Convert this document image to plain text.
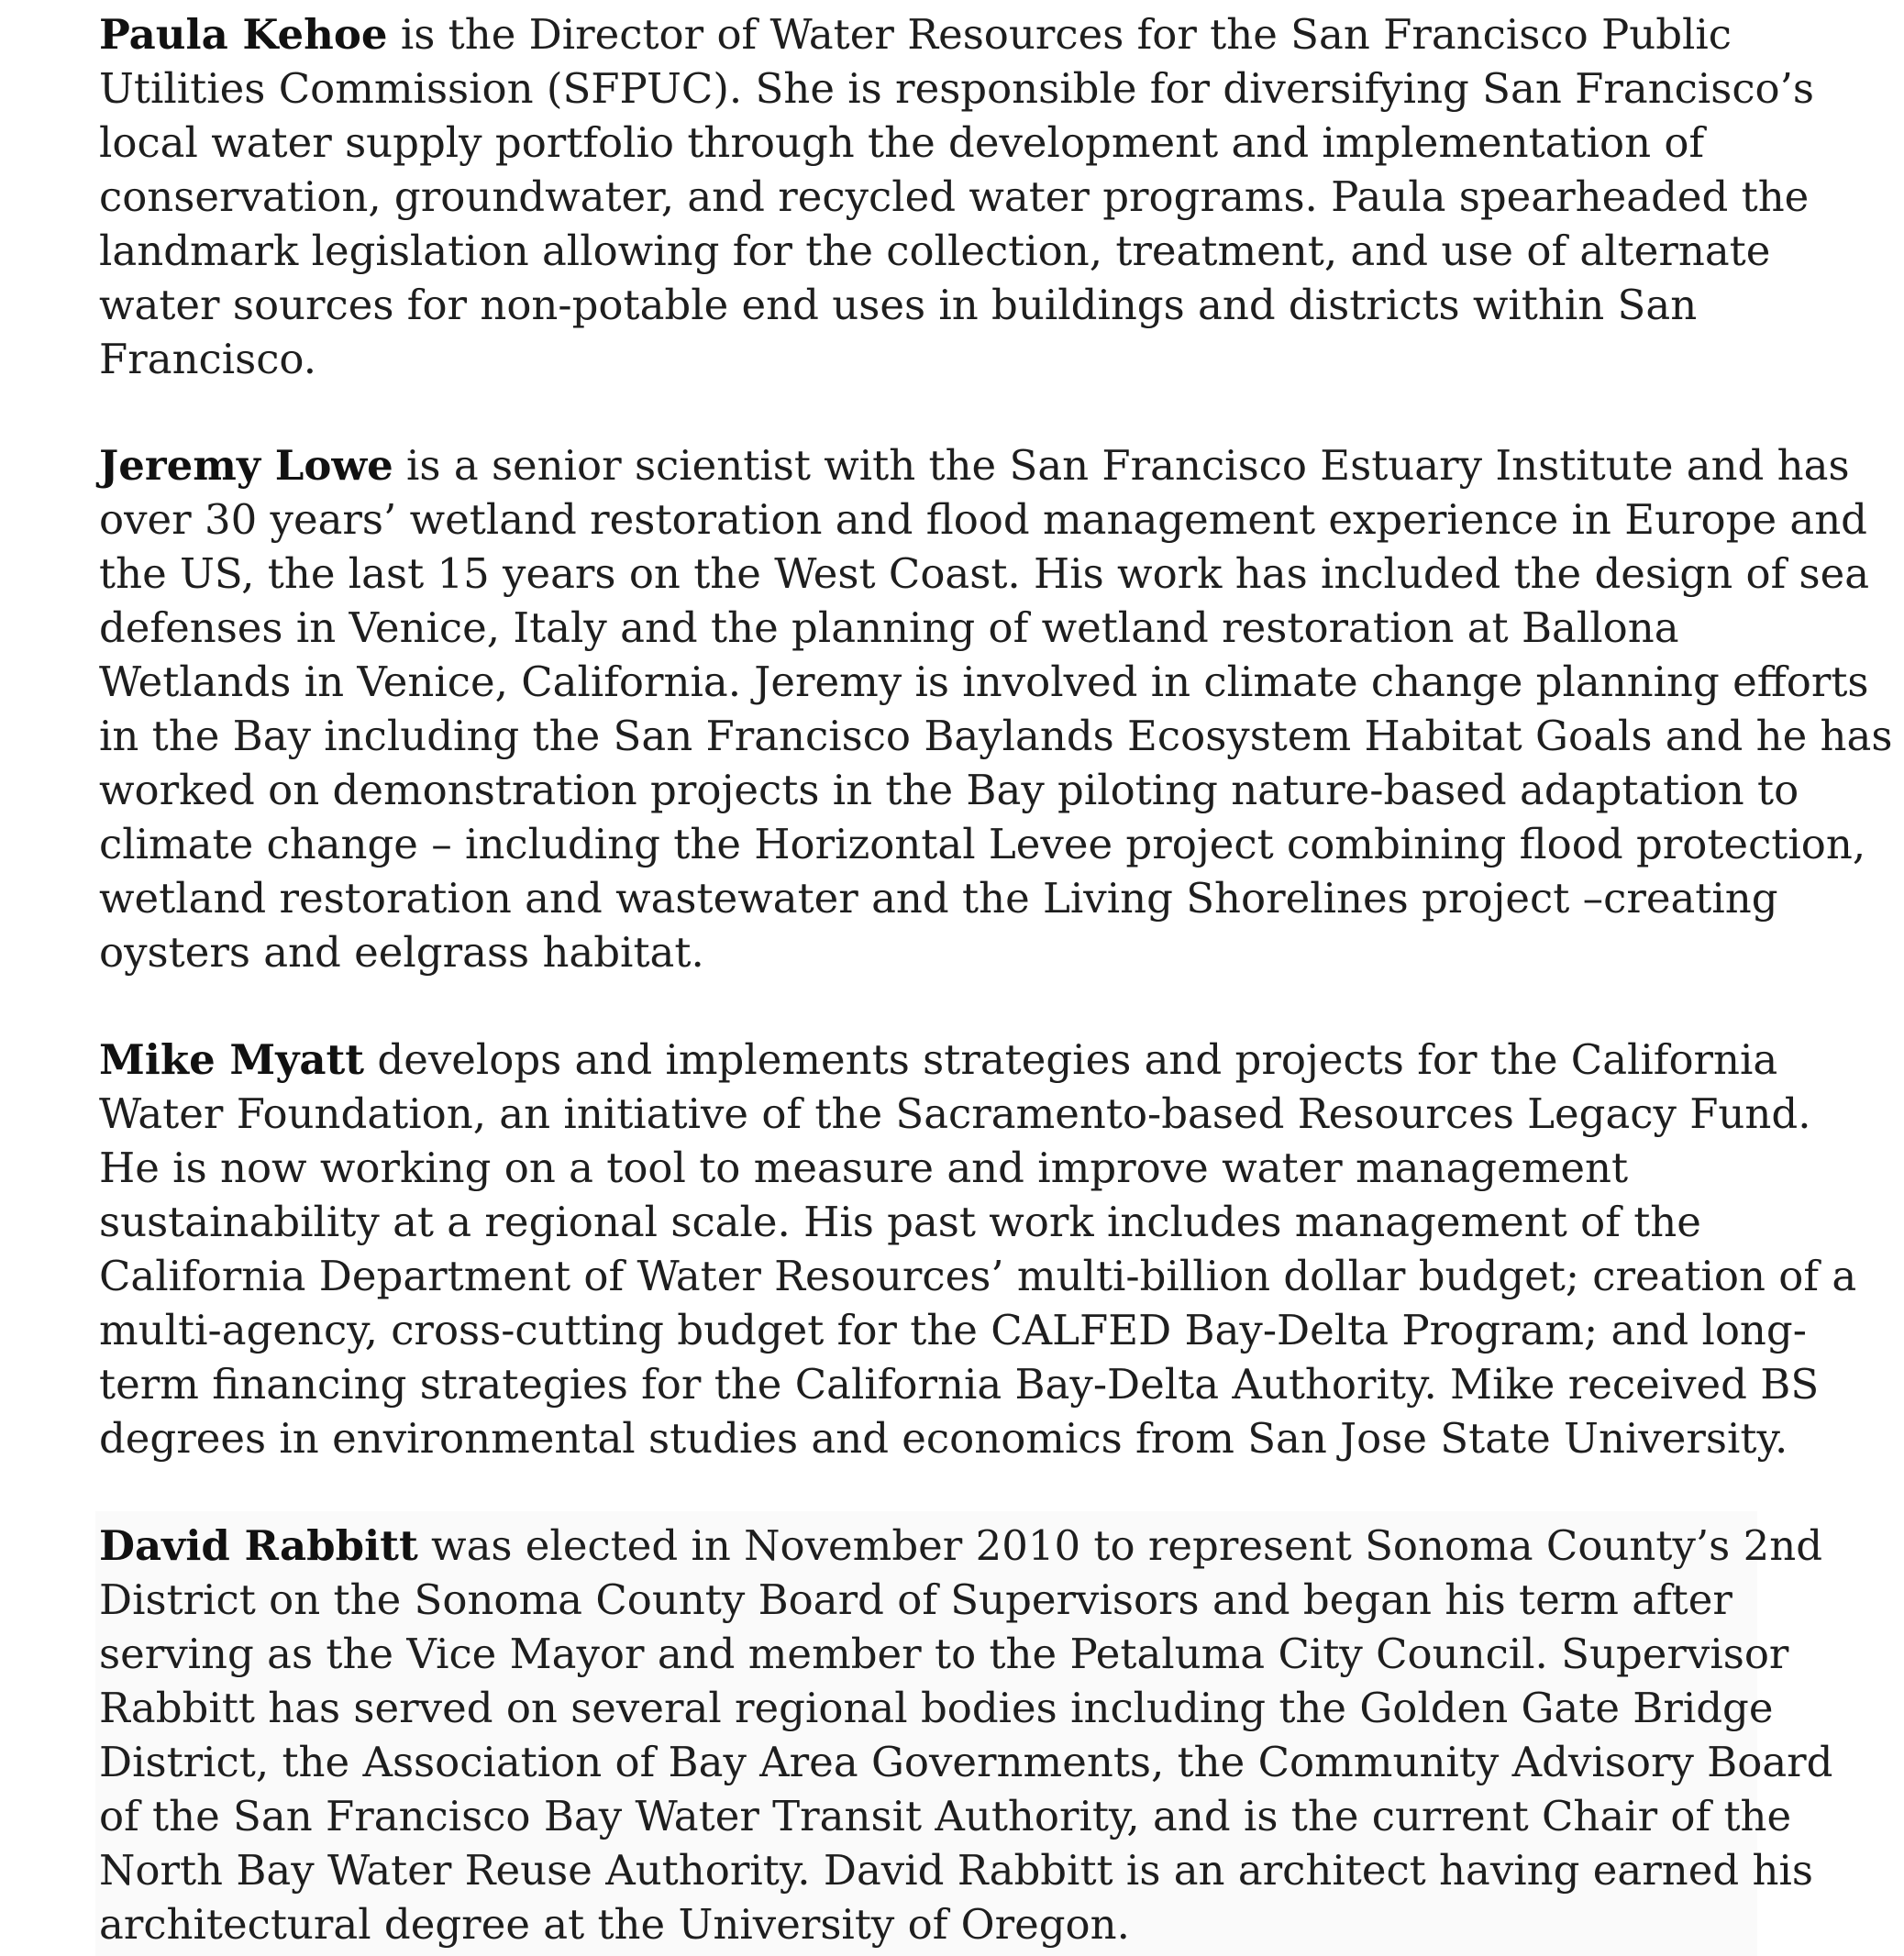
Paula Kehoe is the Director of Water Resources for the San Francisco Public
Utilities Commission (SFPUC). She is responsible for diversifying San Francisco’s
local water supply portfolio through the development and implementation of
conservation, groundwater, and recycled water programs. Paula spearheaded the
landmark legislation allowing for the collection, treatment, and use of alternate
water sources for non-potable end uses in buildings and districts within San
Francisco.

Jeremy Lowe is a senior scientist with the San Francisco Estuary Institute and has
over 30 years’ wetland restoration and flood management experience in Europe and
the US, the last 15 years on the West Coast. His work has included the design of sea
defenses in Venice, Italy and the planning of wetland restoration at Ballona
Wetlands in Venice, California. Jeremy is involved in climate change planning efforts
in the Bay including the San Francisco Baylands Ecosystem Habitat Goals and he has
worked on demonstration projects in the Bay piloting nature-based adaptation to
climate change – including the Horizontal Levee project combining flood protection,
wetland restoration and wastewater and the Living Shorelines project –creating
oysters and eelgrass habitat.

Mike Myatt develops and implements strategies and projects for the California
Water Foundation, an initiative of the Sacramento-based Resources Legacy Fund.
He is now working on a tool to measure and improve water management
sustainability at a regional scale. His past work includes management of the
California Department of Water Resources’ multi-billion dollar budget; creation of a
multi-agency, cross-cutting budget for the CALFED Bay-Delta Program; and long-
term financing strategies for the California Bay-Delta Authority. Mike received BS
degrees in environmental studies and economics from San Jose State University.

David Rabbitt was elected in November 2010 to represent Sonoma County’s 2nd
District on the Sonoma County Board of Supervisors and began his term after
serving as the Vice Mayor and member to the Petaluma City Council. Supervisor
Rabbitt has served on several regional bodies including the Golden Gate Bridge
District, the Association of Bay Area Governments, the Community Advisory Board
of the San Francisco Bay Water Transit Authority, and is the current Chair of the
North Bay Water Reuse Authority. David Rabbitt is an architect having earned his
architectural degree at the University of Oregon.
